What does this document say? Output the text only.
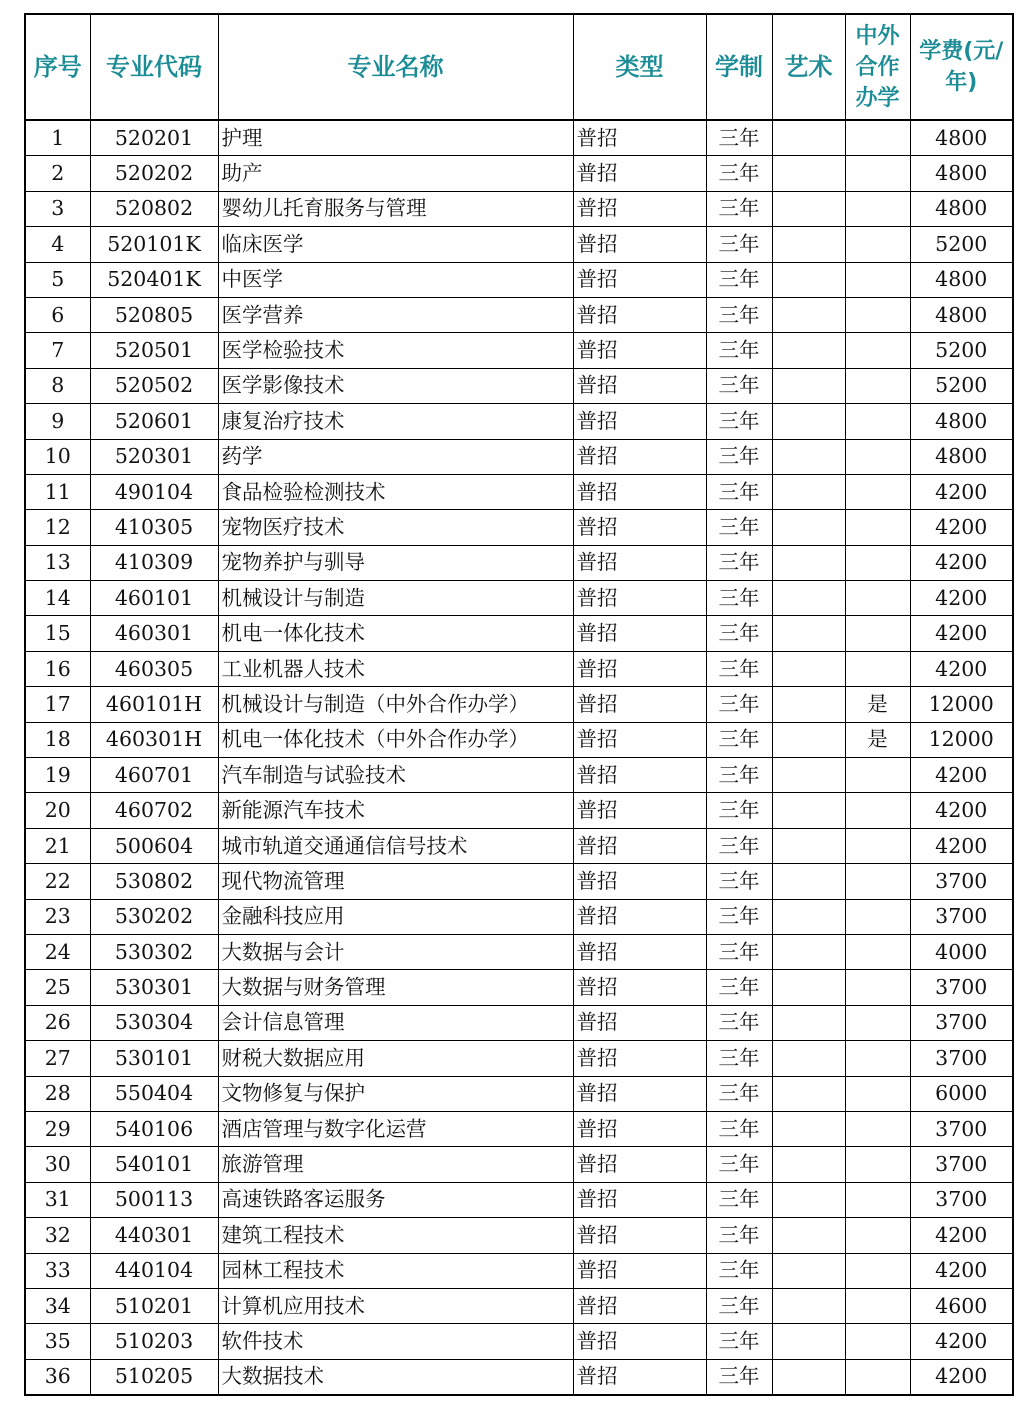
序号	专业代码	专业名称	类型	学制	艺术	中外合作办学	学费(元/年)
1	520201	护理	普招	三年			4800
2	520202	助产	普招	三年			4800
3	520802	婴幼儿托育服务与管理	普招	三年			4800
4	520101K	临床医学	普招	三年			5200
5	520401K	中医学	普招	三年			4800
6	520805	医学营养	普招	三年			4800
7	520501	医学检验技术	普招	三年			5200
8	520502	医学影像技术	普招	三年			5200
9	520601	康复治疗技术	普招	三年			4800
10	520301	药学	普招	三年			4800
11	490104	食品检验检测技术	普招	三年			4200
12	410305	宠物医疗技术	普招	三年			4200
13	410309	宠物养护与驯导	普招	三年			4200
14	460101	机械设计与制造	普招	三年			4200
15	460301	机电一体化技术	普招	三年			4200
16	460305	工业机器人技术	普招	三年			4200
17	460101H	机械设计与制造（中外合作办学）	普招	三年		是	12000
18	460301H	机电一体化技术（中外合作办学）	普招	三年		是	12000
19	460701	汽车制造与试验技术	普招	三年			4200
20	460702	新能源汽车技术	普招	三年			4200
21	500604	城市轨道交通通信信号技术	普招	三年			4200
22	530802	现代物流管理	普招	三年			3700
23	530202	金融科技应用	普招	三年			3700
24	530302	大数据与会计	普招	三年			4000
25	530301	大数据与财务管理	普招	三年			3700
26	530304	会计信息管理	普招	三年			3700
27	530101	财税大数据应用	普招	三年			3700
28	550404	文物修复与保护	普招	三年			6000
29	540106	酒店管理与数字化运营	普招	三年			3700
30	540101	旅游管理	普招	三年			3700
31	500113	高速铁路客运服务	普招	三年			3700
32	440301	建筑工程技术	普招	三年			4200
33	440104	园林工程技术	普招	三年			4200
34	510201	计算机应用技术	普招	三年			4600
35	510203	软件技术	普招	三年			4200
36	510205	大数据技术	普招	三年			4200
